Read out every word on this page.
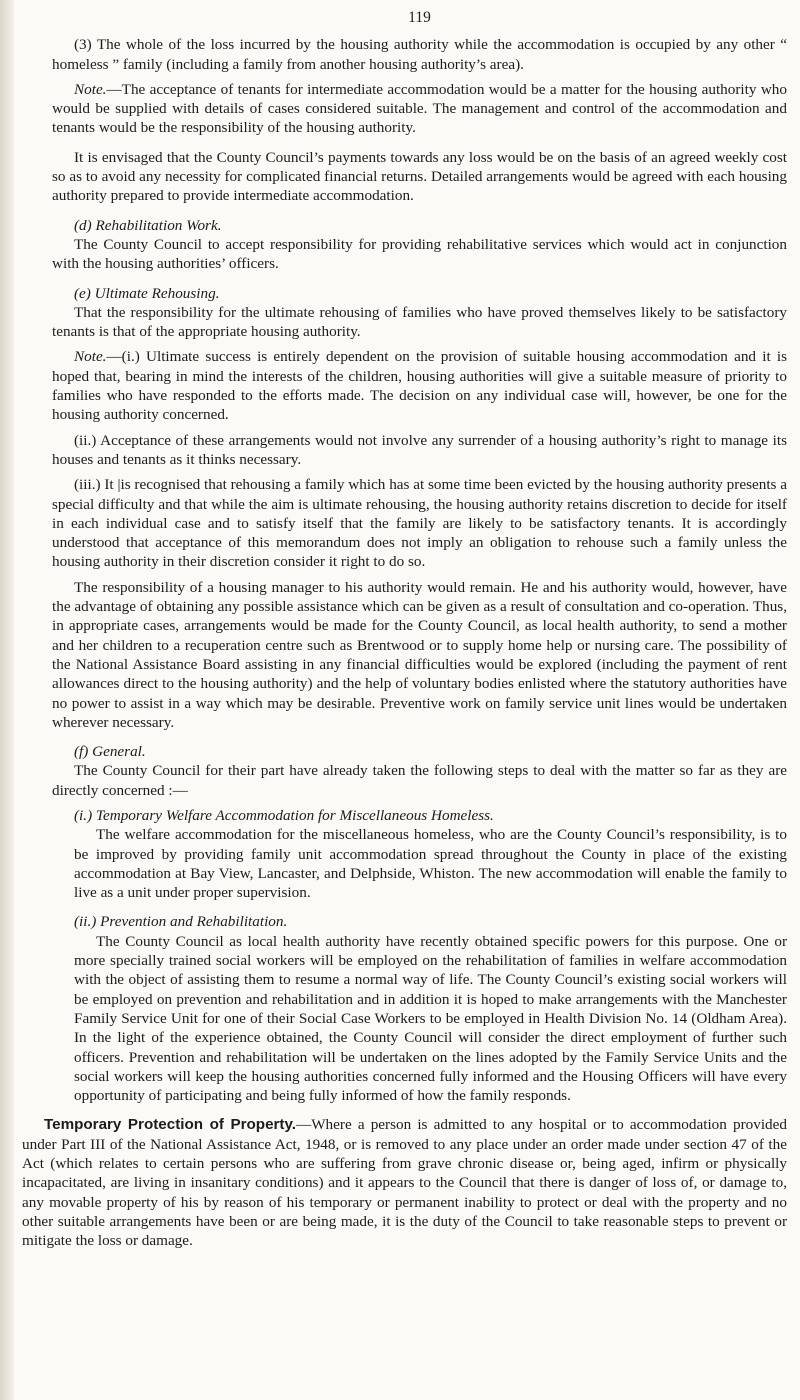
119

(3) The whole of the loss incurred by the housing authority while the accommodation is occupied by any other “ homeless ” family (including a family from another housing authority’s area).

Note.—The acceptance of tenants for intermediate accommodation would be a matter for the housing authority who would be supplied with details of cases considered suitable. The management and control of the accommodation and tenants would be the responsibility of the housing authority.

It is envisaged that the County Council’s payments towards any loss would be on the basis of an agreed weekly cost so as to avoid any necessity for complicated financial returns. Detailed arrangements would be agreed with each housing authority prepared to provide intermediate accommodation.

(d) Rehabilitation Work.

The County Council to accept responsibility for providing rehabilitative services which would act in conjunction with the housing authorities’ officers.

(e) Ultimate Rehousing.

That the responsibility for the ultimate rehousing of families who have proved themselves likely to be satisfactory tenants is that of the appropriate housing authority.

Note.—(i.) Ultimate success is entirely dependent on the provision of suitable housing accommodation and it is hoped that, bearing in mind the interests of the children, housing authorities will give a suitable measure of priority to families who have responded to the efforts made. The decision on any individual case will, however, be one for the housing authority concerned.

(ii.) Acceptance of these arrangements would not involve any surrender of a housing authority’s right to manage its houses and tenants as it thinks necessary.

(iii.) It |is recognised that rehousing a family which has at some time been evicted by the housing authority presents a special difficulty and that while the aim is ultimate rehousing, the housing authority retains discretion to decide for itself in each individual case and to satisfy itself that the family are likely to be satisfactory tenants. It is accordingly understood that acceptance of this memorandum does not imply an obligation to rehouse such a family unless the housing authority in their discretion consider it right to do so.

The responsibility of a housing manager to his authority would remain. He and his authority would, however, have the advantage of obtaining any possible assistance which can be given as a result of consultation and co-operation. Thus, in appropriate cases, arrangements would be made for the County Council, as local health authority, to send a mother and her children to a recuperation centre such as Brentwood or to supply home help or nursing care. The possibility of the National Assistance Board assisting in any financial difficulties would be explored (including the payment of rent allowances direct to the housing authority) and the help of voluntary bodies enlisted where the statutory authorities have no power to assist in a way which may be desirable. Preventive work on family service unit lines would be undertaken wherever necessary.

(f) General.

The County Council for their part have already taken the following steps to deal with the matter so far as they are directly concerned :—

(i.) Temporary Welfare Accommodation for Miscellaneous Homeless.

The welfare accommodation for the miscellaneous homeless, who are the County Council’s responsibility, is to be improved by providing family unit accommodation spread throughout the County in place of the existing accommodation at Bay View, Lancaster, and Delphside, Whiston. The new accommodation will enable the family to live as a unit under proper supervision.

(ii.) Prevention and Rehabilitation.

The County Council as local health authority have recently obtained specific powers for this purpose. One or more specially trained social workers will be employed on the rehabilitation of families in welfare accommodation with the object of assisting them to resume a normal way of life. The County Council’s existing social workers will be employed on prevention and rehabilitation and in addition it is hoped to make arrangements with the Manchester Family Service Unit for one of their Social Case Workers to be employed in Health Division No. 14 (Oldham Area). In the light of the experience obtained, the County Council will consider the direct employment of further such officers. Prevention and rehabilitation will be undertaken on the lines adopted by the Family Service Units and the social workers will keep the housing authorities concerned fully informed and the Housing Officers will have every opportunity of participating and being fully informed of how the family responds.

Temporary Protection of Property.—Where a person is admitted to any hospital or to accommodation provided under Part III of the National Assistance Act, 1948, or is removed to any place under an order made under section 47 of the Act (which relates to certain persons who are suffering from grave chronic disease or, being aged, infirm or physically incapacitated, are living in insanitary conditions) and it appears to the Council that there is danger of loss of, or damage to, any movable property of his by reason of his temporary or permanent inability to protect or deal with the property and no other suitable arrangements have been or are being made, it is the duty of the Council to take reasonable steps to prevent or mitigate the loss or damage.
